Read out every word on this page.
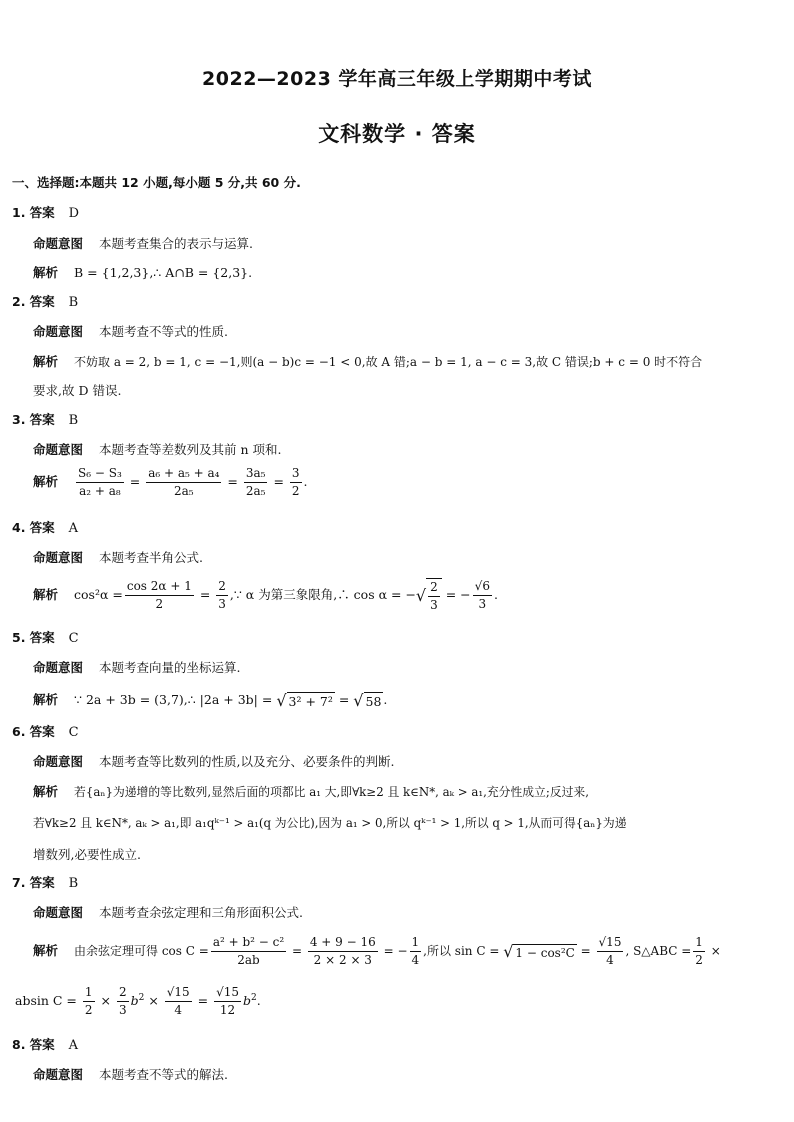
2022—2023 学年高三年级上学期期中考试
文科数学 · 答案
一、选择题:本题共 12 小题,每小题 5 分,共 60 分.
1. 答案 D
命题意图 本题考查集合的表示与运算.
解析 B = {1,2,3},∴ A∩B = {2,3}.
2. 答案 B
命题意图 本题考查不等式的性质.
解析 不妨取 a = 2, b = 1, c = −1,则(a − b)c = −1 < 0,故 A 错;a − b = 1, a − c = 3,故 C 错误;b + c = 0 时不符合
要求,故 D 错误.
3. 答案 B
命题意图 本题考查等差数列及其前 n 项和.
解析 $\frac{\text{S₆ − S₃}}{\text{a₂ + a₈}} = \frac{\text{a₆ + a₅ + a₄}}{\text{2a₅}} = \frac{\text{3a₅}}{\text{2a₅}} = \frac{3}{2}$ .
4. 答案 A
命题意图 本题考查半角公式.
解析 $\cos^2\alpha = \frac{\cos 2\alpha + 1}{2} = \frac{2}{3}$ ,∵ α 为第三象限角,∴ cos α = −√ $\frac{2}{3}$ = − $\frac{√6}{3}$ .
5. 答案 C
命题意图 本题考查向量的坐标运算.
解析 ∵ 2a + 3b = (3,7),∴ |2a + 3b| = √ 3² + 7² = √ 58 .
6. 答案 C
命题意图 本题考查等比数列的性质,以及充分、必要条件的判断.
解析 若{aₙ}为递增的等比数列,显然后面的项都比 a₁ 大,即∀k≥2 且 k∈N*, aₖ > a₁,充分性成立;反过来,
若∀k≥2 且 k∈N*, aₖ > a₁,即 a₁qᵏ⁻¹ > a₁(q 为公比),因为 a₁ > 0,所以 qᵏ⁻¹ > 1,所以 q > 1,从而可得{aₙ}为递
增数列,必要性成立.
7. 答案 B
命题意图 本题考查余弦定理和三角形面积公式.
解析 由余弦定理可得 $\cos C = \frac{\text{a² + b² − c²}}{2ab} = \frac{4 + 9 - 16}{2 \times 2 \times 3}$ = − $\frac{1}{4}$ ,所以 sin C = √ $1 - \cos^2C = \frac{√15}{4}$ , S△ABC = $\frac{1}{2}$ ×
absin $C = \frac{1}{2} \times \frac{2}{3} b^2 \times \frac{√15}{4} = \frac{√15}{12} b^2$.
8. 答案 A
命题意图 本题考查不等式的解法.
